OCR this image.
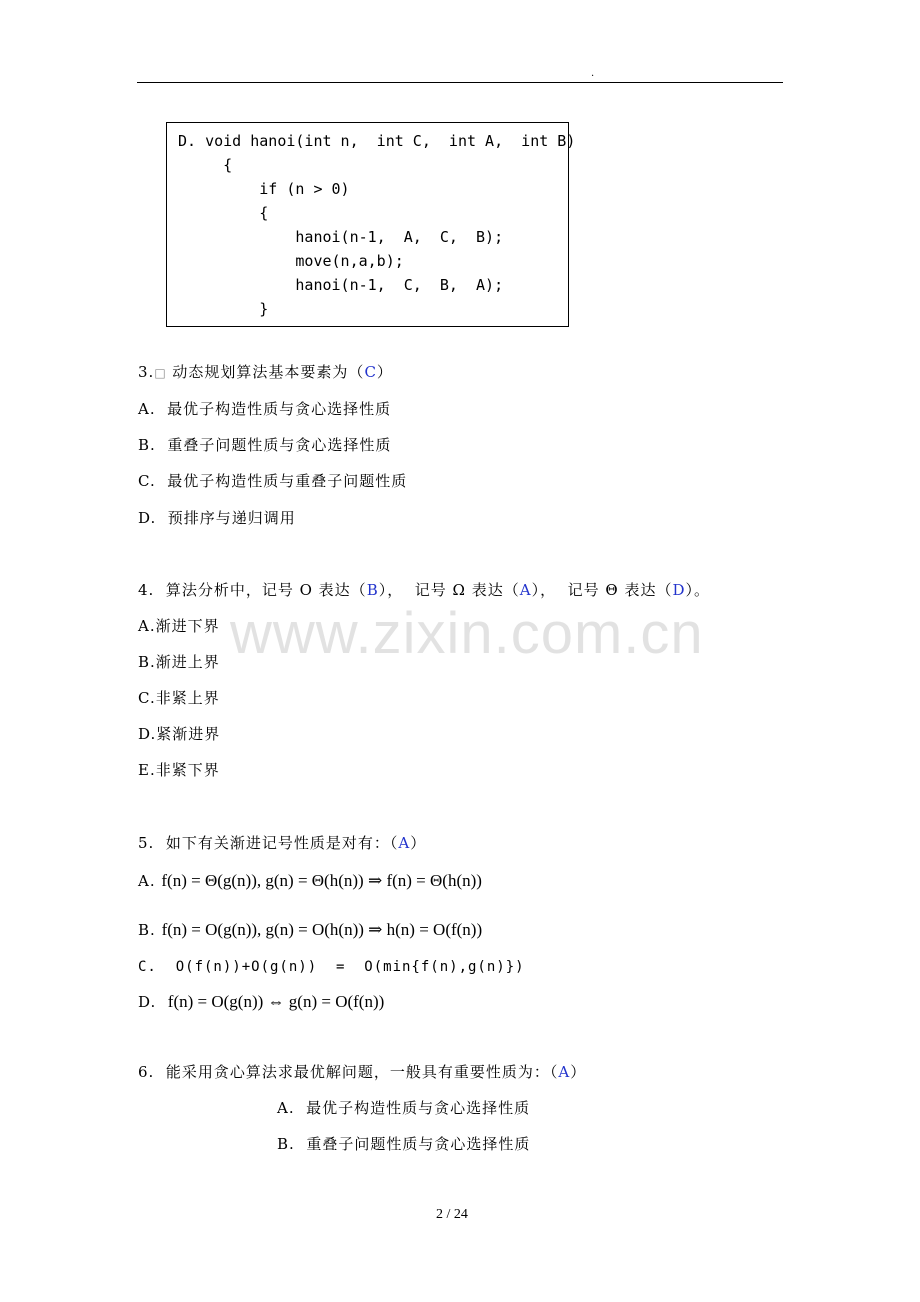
.
D. void hanoi(int n,  int C,  int A,  int B)
{
if (n > 0)
{
hanoi(n-1,  A,  C,  B);
move(n,a,b);
hanoi(n-1,  C,  B,  A);
}
3.□ 动态规划算法基本要素为（C）
A.  最优子构造性质与贪心选择性质
B.  重叠子问题性质与贪心选择性质
C.  最优子构造性质与重叠子问题性质
D.  预排序与递归调用
4.  算法分析中，记号 O 表达（B），  记号 Ω 表达（A），  记号 Θ 表达（D）。
A.渐进下界
B.渐进上界
C.非紧上界
D.紧渐进界
E.非紧下界
www.zixin.com.cn
5.  如下有关渐进记号性质是对有：（A）
A. f(n) = Θ(g(n)), g(n) = Θ(h(n)) ⇒ f(n) = Θ(h(n))
B. f(n) = O(g(n)), g(n) = O(h(n)) ⇒ h(n) = O(f(n))
C.  O(f(n))+O(g(n))  =  O(min{f(n),g(n)})
D.  f(n) = O(g(n)) ⇔ g(n) = O(f(n))
6.  能采用贪心算法求最优解问题，一般具有重要性质为：（A）
A.  最优子构造性质与贪心选择性质
B.  重叠子问题性质与贪心选择性质
2 / 24
